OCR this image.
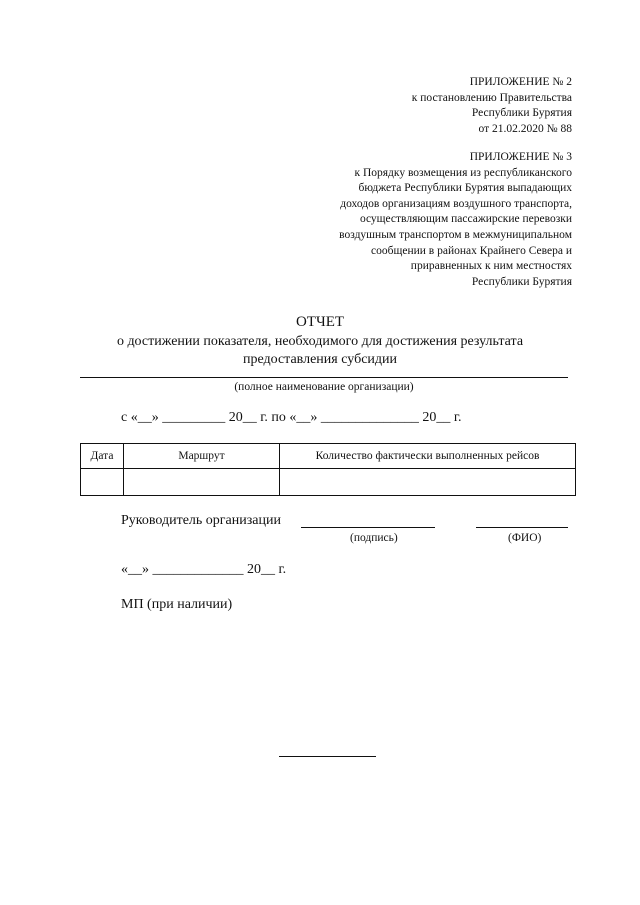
ПРИЛОЖЕНИЕ № 2
к постановлению Правительства
Республики Бурятия
от 21.02.2020 № 88
ПРИЛОЖЕНИЕ № 3
к Порядку возмещения из республиканского
бюджета Республики Бурятия выпадающих
доходов организациям воздушного транспорта,
осуществляющим пассажирские перевозки
воздушным транспортом в межмуниципальном
сообщении в районах Крайнего Севера и
приравненных к ним местностях
Республики Бурятия
ОТЧЕТ
о достижении показателя, необходимого для достижения результата
предоставления субсидии
(полное наименование организации)
с «__» _________ 20__ г. по «__» ______________ 20__ г.
Дата	Маршрут	Количество фактически выполненных рейсов

Руководитель организации
(подпись)	(ФИО)
«__» _____________ 20__ г.
МП (при наличии)
